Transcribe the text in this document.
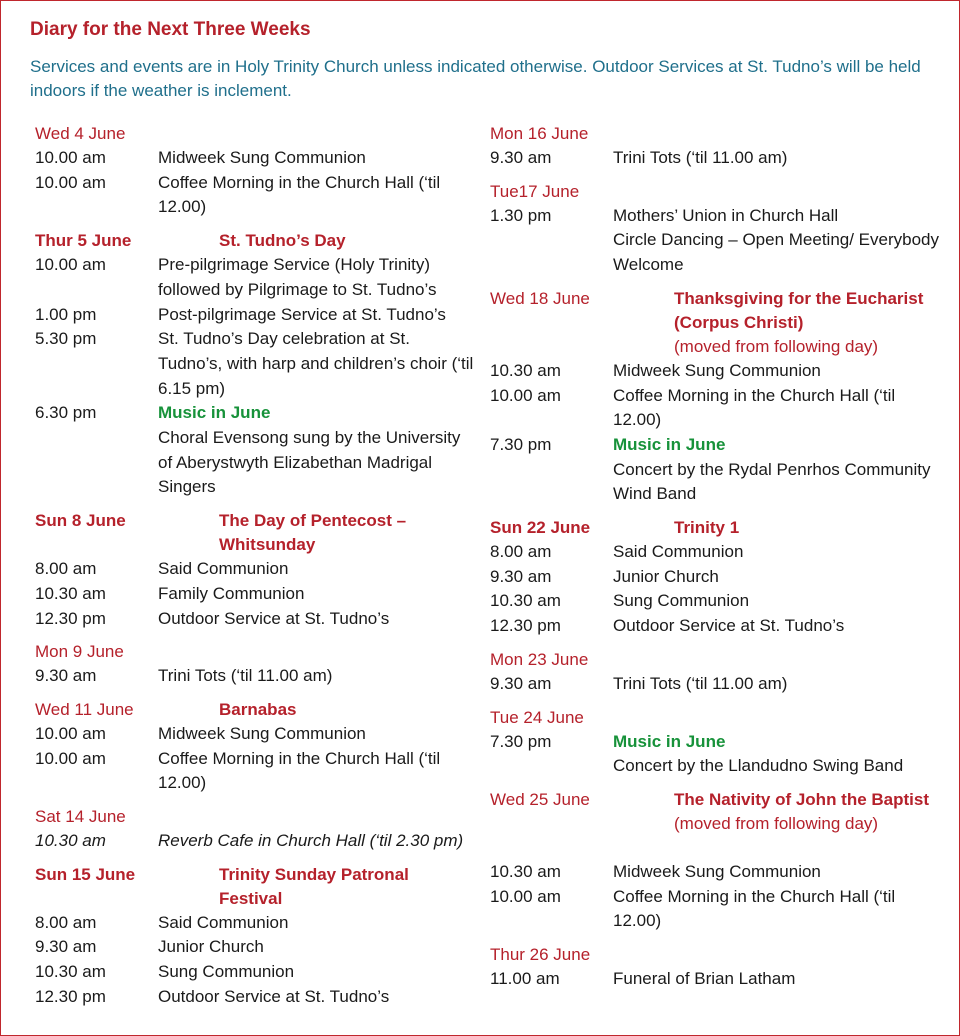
Diary for the Next Three Weeks
Services and events are in Holy Trinity Church unless indicated otherwise. Outdoor Services at St. Tudno’s will be held indoors if the weather is inclement.
Wed 4 June
10.00 am	Midweek Sung Communion
10.00 am	Coffee Morning in the Church Hall (‘til 12.00)
Thur 5 June	St. Tudno’s Day
10.00 am	Pre-pilgrimage Service (Holy Trinity) followed by Pilgrimage to St. Tudno’s
1.00 pm	Post-pilgrimage Service at St. Tudno’s
5.30 pm	St. Tudno’s Day celebration at St. Tudno’s, with harp and children’s choir (‘til 6.15 pm)
6.30 pm	Music in June
Choral Evensong sung by the University of Aberystwyth Elizabethan Madrigal Singers
Sun 8 June	The Day of Pentecost – Whitsunday
8.00 am	Said Communion
10.30 am	Family Communion
12.30 pm	Outdoor Service at St. Tudno’s
Mon 9 June
9.30 am	Trini Tots (‘til 11.00 am)
Wed 11 June	Barnabas
10.00 am	Midweek Sung Communion
10.00 am	Coffee Morning in the Church Hall (‘til 12.00)
Sat 14 June
10.30 am	Reverb Cafe in Church Hall (‘til 2.30 pm)
Sun 15 June	Trinity Sunday Patronal Festival
8.00 am	Said Communion
9.30 am	Junior Church
10.30 am	Sung Communion
12.30 pm	Outdoor Service at St. Tudno’s
Mon 16 June
9.30 am	Trini Tots (‘til 11.00 am)
Tue17 June
1.30 pm	Mothers’ Union in Church Hall
Circle Dancing – Open Meeting/ Everybody Welcome
Wed 18 June	Thanksgiving for the Eucharist (Corpus Christi)
(moved from following day)
10.30 am	Midweek Sung Communion
10.00 am	Coffee Morning in the Church Hall (‘til 12.00)
7.30 pm	Music in June
Concert by the Rydal Penrhos Community Wind Band
Sun 22 June	Trinity 1
8.00 am	Said Communion
9.30 am	Junior Church
10.30 am	Sung Communion
12.30 pm	Outdoor Service at St. Tudno’s
Mon 23 June
9.30 am	Trini Tots (‘til 11.00 am)
Tue 24 June
7.30 pm	Music in June
Concert by the Llandudno Swing Band
Wed 25 June	The Nativity of John the Baptist
(moved from following day)
10.30 am	Midweek Sung Communion
10.00 am	Coffee Morning in the Church Hall (‘til 12.00)
Thur 26 June
11.00 am	Funeral of Brian Latham
